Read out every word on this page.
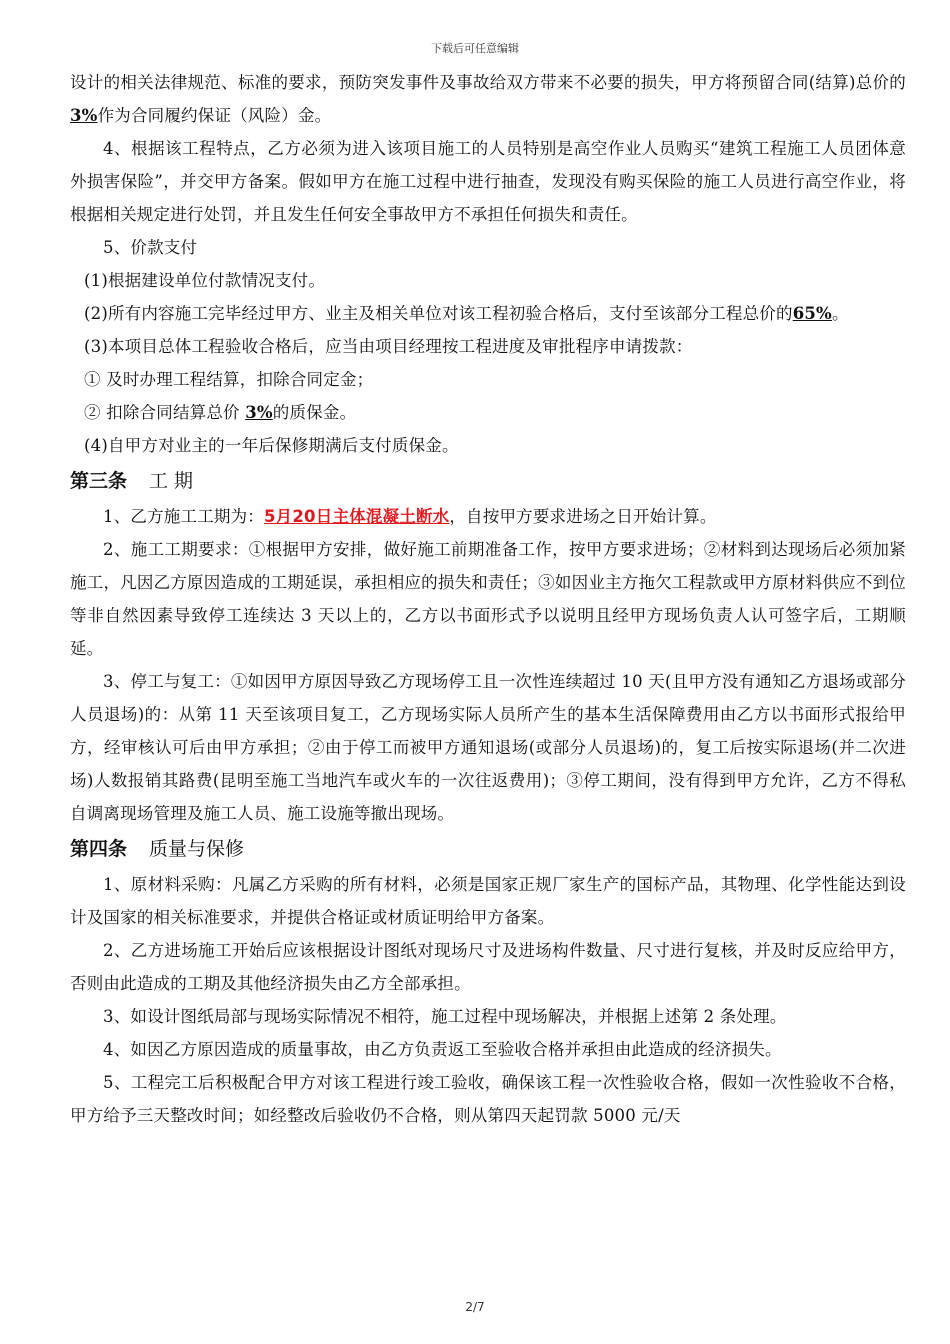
下载后可任意编辑

设计的相关法律规范、标准的要求，预防突发事件及事故给双方带来不必要的损失，甲方将预留合同(结算)总价的3%作为合同履约保证（风险）金。

4、根据该工程特点，乙方必须为进入该项目施工的人员特别是高空作业人员购买“建筑工程施工人员团体意外损害保险”，并交甲方备案。假如甲方在施工过程中进行抽查，发现没有购买保险的施工人员进行高空作业，将根据相关规定进行处罚，并且发生任何安全事故甲方不承担任何损失和责任。

5、价款支付

(1)根据建设单位付款情况支付。

(2)所有内容施工完毕经过甲方、业主及相关单位对该工程初验合格后，支付至该部分工程总价的65%。

(3)本项目总体工程验收合格后，应当由项目经理按工程进度及审批程序申请拨款：

① 及时办理工程结算，扣除合同定金；

② 扣除合同结算总价 3%的质保金。

(4)自甲方对业主的一年后保修期满后支付质保金。

第三条 工 期

1、乙方施工工期为：5月20日主体混凝土断水，自按甲方要求进场之日开始计算。

2、施工工期要求：①根据甲方安排，做好施工前期准备工作，按甲方要求进场；②材料到达现场后必须加紧施工，凡因乙方原因造成的工期延误，承担相应的损失和责任；③如因业主方拖欠工程款或甲方原材料供应不到位等非自然因素导致停工连续达 3 天以上的，乙方以书面形式予以说明且经甲方现场负责人认可签字后，工期顺延。

3、停工与复工：①如因甲方原因导致乙方现场停工且一次性连续超过 10 天(且甲方没有通知乙方退场或部分人员退场)的：从第 11 天至该项目复工，乙方现场实际人员所产生的基本生活保障费用由乙方以书面形式报给甲方，经审核认可后由甲方承担；②由于停工而被甲方通知退场(或部分人员退场)的，复工后按实际退场(并二次进场)人数报销其路费(昆明至施工当地汽车或火车的一次往返费用)；③停工期间，没有得到甲方允许，乙方不得私自调离现场管理及施工人员、施工设施等撤出现场。

第四条 质量与保修

1、原材料采购：凡属乙方采购的所有材料，必须是国家正规厂家生产的国标产品，其物理、化学性能达到设计及国家的相关标准要求，并提供合格证或材质证明给甲方备案。

2、乙方进场施工开始后应该根据设计图纸对现场尺寸及进场构件数量、尺寸进行复核，并及时反应给甲方，否则由此造成的工期及其他经济损失由乙方全部承担。

3、如设计图纸局部与现场实际情况不相符，施工过程中现场解决，并根据上述第 2 条处理。

4、如因乙方原因造成的质量事故，由乙方负责返工至验收合格并承担由此造成的经济损失。

5、工程完工后积极配合甲方对该工程进行竣工验收，确保该工程一次性验收合格，假如一次性验收不合格，甲方给予三天整改时间；如经整改后验收仍不合格，则从第四天起罚款 5000 元/天

2/7
